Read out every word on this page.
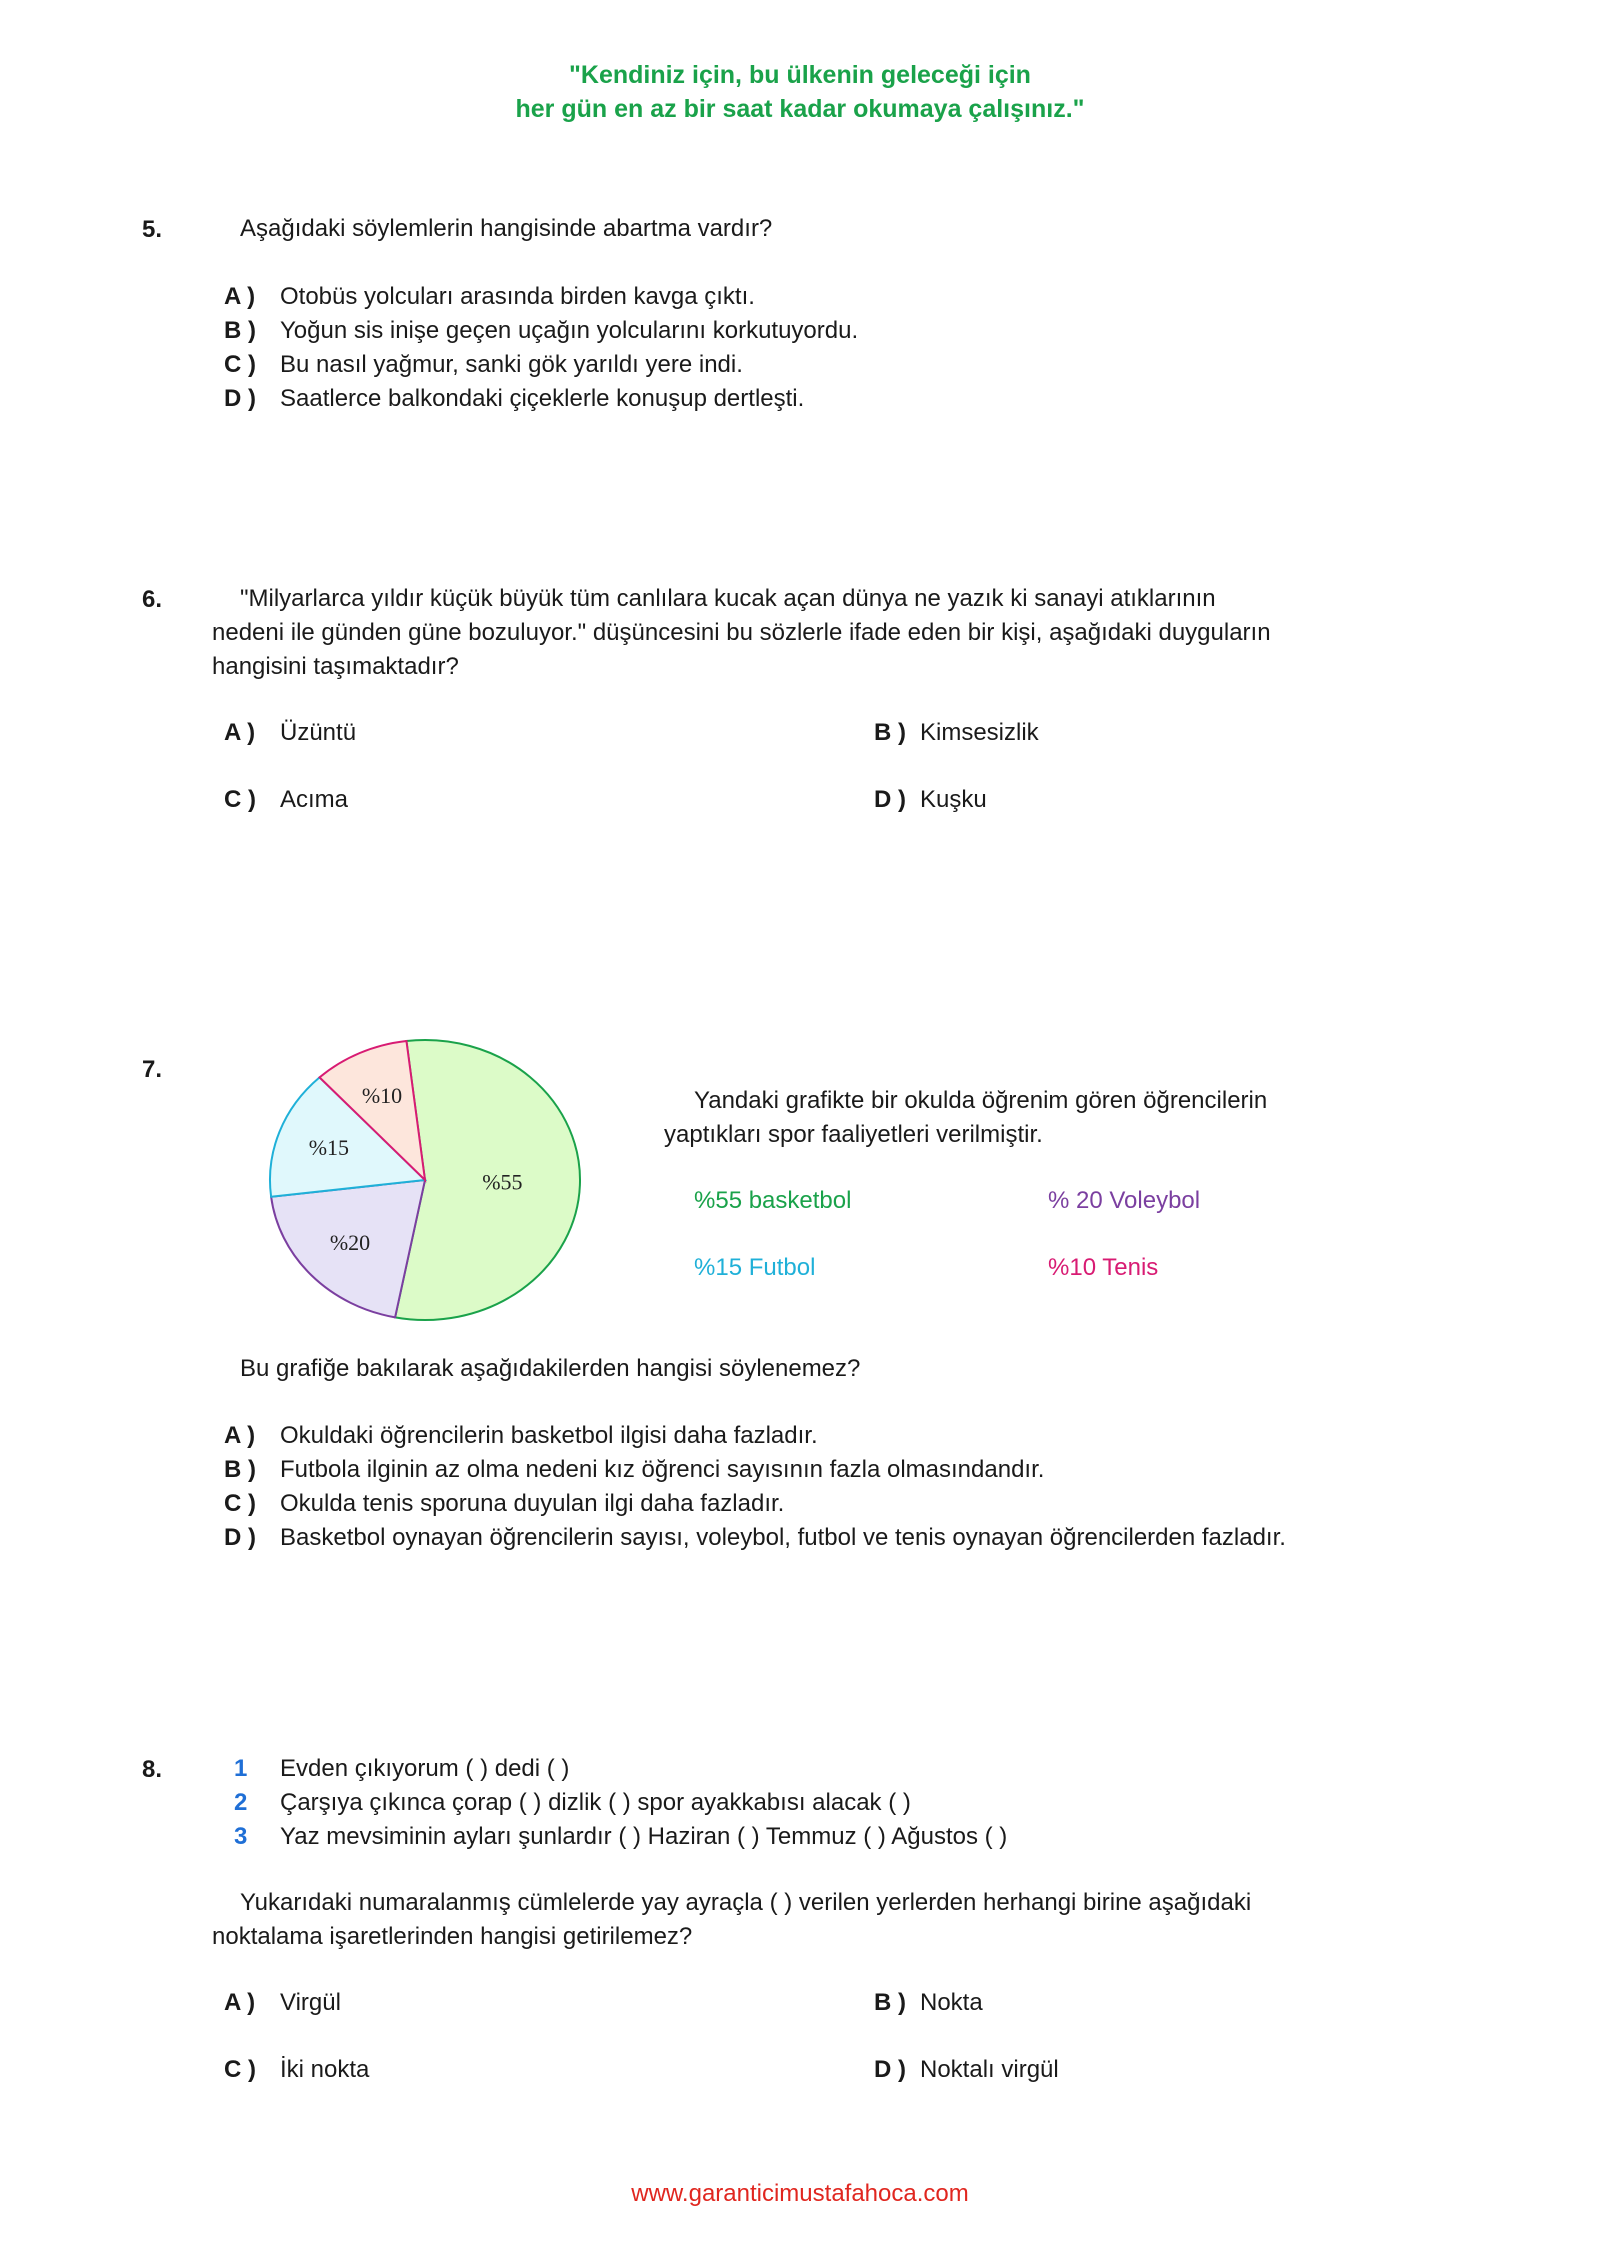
"Kendiniz için, bu ülkenin geleceği için
her gün en az bir saat kadar okumaya çalışınız."
5.	Aşağıdaki söylemlerin hangisinde abartma vardır?
A )	Otobüs yolcuları arasında birden kavga çıktı.
B )	Yoğun sis inişe geçen uçağın yolcularını korkutuyordu.
C )	Bu nasıl yağmur, sanki gök yarıldı yere indi.
D )	Saatlerce balkondaki çiçeklerle konuşup dertleşti.
6.	"Milyarlarca yıldır küçük büyük tüm canlılara kucak açan dünya ne yazık ki sanayi atıklarının
nedeni ile günden güne bozuluyor." düşüncesini bu sözlerle ifade eden bir kişi, aşağıdaki duyguların
hangisini taşımaktadır?
A )	Üzüntü	B ) Kimsesizlik
C )	Acıma	D ) Kuşku
7.
%55
%20
%15
%10	Yandaki grafikte bir okulda öğrenim gören öğrencilerin
yaptıkları spor faaliyetleri verilmiştir.
%55 basketbol	% 20 Voleybol
%15 Futbol	%10 Tenis
Bu grafiğe bakılarak aşağıdakilerden hangisi söylenemez?
A )	Okuldaki öğrencilerin basketbol ilgisi daha fazladır.
B )	Futbola ilginin az olma nedeni kız öğrenci sayısının fazla olmasındandır.
C )	Okulda tenis sporuna duyulan ilgi daha fazladır.
D )	Basketbol oynayan öğrencilerin sayısı, voleybol, futbol ve tenis oynayan öğrencilerden fazladır.
8.	1	Evden çıkıyorum ( ) dedi ( )
2	Çarşıya çıkınca çorap ( ) dizlik ( ) spor ayakkabısı alacak ( )
3	Yaz mevsiminin ayları şunlardır ( ) Haziran ( ) Temmuz ( ) Ağustos ( )
Yukarıdaki numaralanmış cümlelerde yay ayraçla ( ) verilen yerlerden herhangi birine aşağıdaki
noktalama işaretlerinden hangisi getirilemez?
A )	Virgül	B ) Nokta
C )	İki nokta	D ) Noktalı virgül
www.garanticimustafahoca.com
